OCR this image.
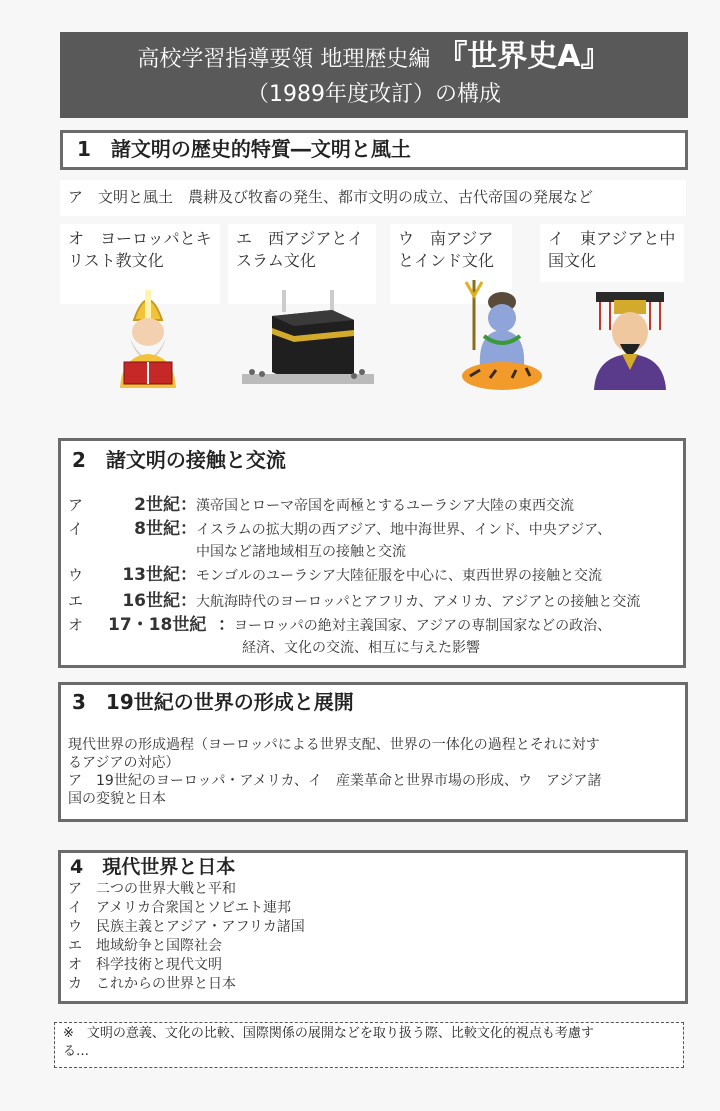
高校学習指導要領 地理歴史編 『世界史A』
（1989年度改訂）の構成
1　諸文明の歴史的特質―文明と風土
ア　文明と風土　農耕及び牧畜の発生、都市文明の成立、古代帝国の発展など
オ　ヨーロッパとキリスト教文化
エ　西アジアとイスラム文化
ウ　南アジアとインド文化
イ　東アジアと中国文化
2　諸文明の接触と交流
ア	2世紀：漢帝国とローマ帝国を両極とするユーラシア大陸の東西交流
イ	8世紀：イスラムの拡大期の西アジア、地中海世界、インド、中央アジア、
中国など諸地域相互の接触と交流
ウ 13世紀：モンゴルのユーラシア大陸征服を中心に、東西世界の接触と交流
エ 16世紀：大航海時代のヨーロッパとアフリカ、アメリカ、アジアとの接触と交流
オ 17・18世紀 ：ヨーロッパの絶対主義国家、アジアの専制国家などの政治、
経済、文化の交流、相互に与えた影響
3　19世紀の世界の形成と展開
現代世界の形成過程（ヨーロッパによる世界支配、世界の一体化の過程とそれに対す
るアジアの対応）
ア　19世紀のヨーロッパ・アメリカ、イ　産業革命と世界市場の形成、ウ　アジア諸
国の変貌と日本
4　現代世界と日本
ア　二つの世界大戦と平和
イ　アメリカ合衆国とソビエト連邦
ウ　民族主義とアジア・アフリカ諸国
エ　地域紛争と国際社会
オ　科学技術と現代文明
カ　これからの世界と日本
※　文明の意義、文化の比較、国際関係の展開などを取り扱う際、比較文化的視点も考慮す
る…
